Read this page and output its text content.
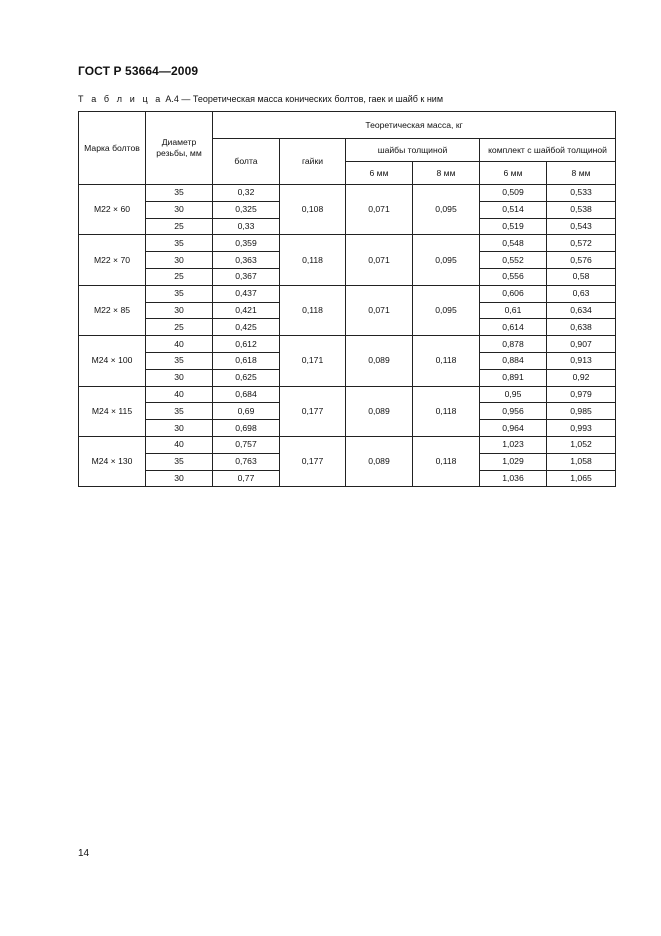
ГОСТ Р 53664—2009
Т а б л и ц а А.4 — Теоретическая масса конических болтов, гаек и шайб к ним
Марка болтов	Диаметр резьбы, мм	Теоретическая масса, кг					
		болта	гайки	шайбы толщиной		комплект с шайбой толщиной	
				6 мм	8 мм	6 мм	8 мм
M22 × 60	35	0,32	0,108	0,071	0,095	0,509	0,533
	30	0,325				0,514	0,538
	25	0,33				0,519	0,543
M22 × 70	35	0,359	0,118	0,071	0,095	0,548	0,572
	30	0,363				0,552	0,576
	25	0,367				0,556	0,58
M22 × 85	35	0,437	0,118	0,071	0,095	0,606	0,63
	30	0,421				0,61	0,634
	25	0,425				0,614	0,638
M24 × 100	40	0,612	0,171	0,089	0,118	0,878	0,907
	35	0,618				0,884	0,913
	30	0,625				0,891	0,92
M24 × 115	40	0,684	0,177	0,089	0,118	0,95	0,979
	35	0,69				0,956	0,985
	30	0,698				0,964	0,993
M24 × 130	40	0,757	0,177	0,089	0,118	1,023	1,052
	35	0,763				1,029	1,058
	30	0,77				1,036	1,065
14
